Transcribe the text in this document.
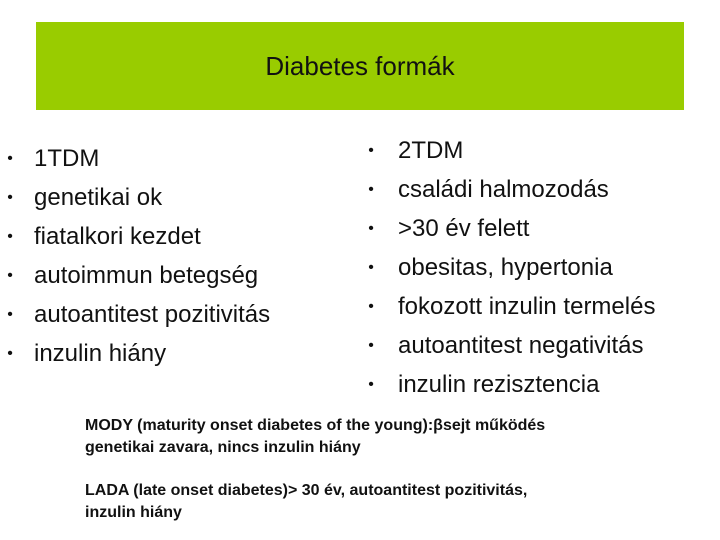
Diabetes formák
• 1TDM
• genetikai ok
• fiatalkori kezdet
• autoimmun betegség
• autoantitest pozitivitás
• inzulin hiány
• 2TDM
• családi halmozodás
• >30 év felett
• obesitas, hypertonia
• fokozott inzulin termelés
• autoantitest negativitás
• inzulin rezisztencia
MODY (maturity onset diabetes of the young):βsejt működés
genetikai zavara, nincs inzulin hiány
LADA (late onset diabetes)> 30 év, autoantitest pozitivitás,
inzulin hiány
